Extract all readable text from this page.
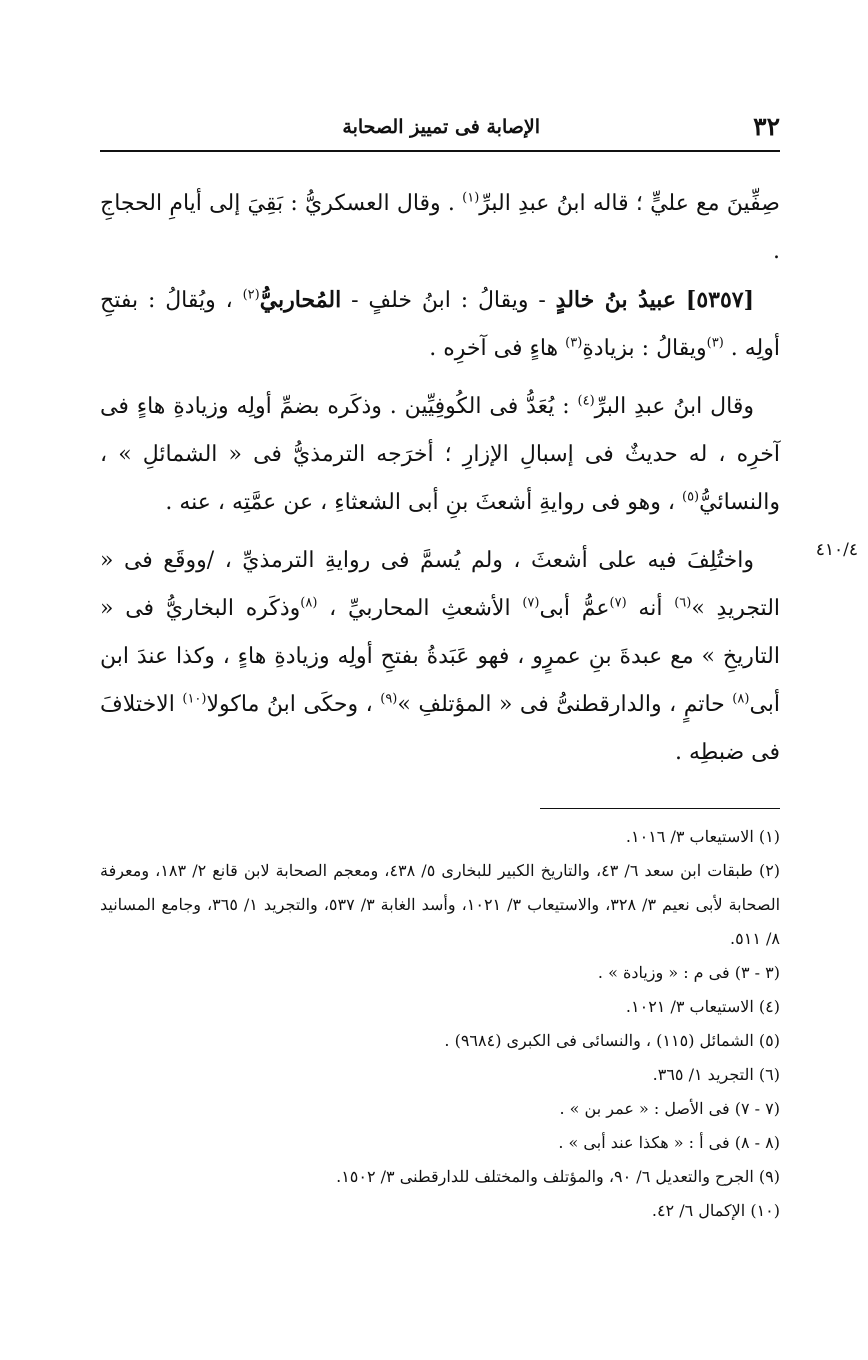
٣٢
الإصابة فى تمييز الصحابة
٤١٠/٤

صِفِّينَ مع عليٍّ ؛ قاله ابنُ عبدِ البرِّ$^{(١)}$ . وقال العسكريُّ : بَقِيَ إلى أيامِ الحجاجِ .

[٥٣٥٧] عبيدُ بنُ خالدٍ - ويقالُ : ابنُ خلفٍ - المُحاربيُّ$^{(٢)}$ ، ويُقالُ : بفتحِ أولِه . $^{(٣)}$ويقالُ : بزيادةِ$^{(٣)}$ هاءٍ فى آخرِه .

وقال ابنُ عبدِ البرِّ$^{(٤)}$ : يُعَدُّ فى الكُوفِيِّين . وذكَره بضمِّ أولِه وزيادةِ هاءٍ فى آخرِه ، له حديثٌ فى إسبالِ الإزارِ ؛ أخرَجه الترمذيُّ فى « الشمائلِ » ، والنسائيُّ$^{(٥)}$ ، وهو فى روايةِ أشعثَ بنِ أبى الشعثاءِ ، عن عمَّتِه ، عنه .

واختُلِفَ فيه على أشعثَ ، ولم يُسمَّ فى روايةِ الترمذيِّ ، /ووقَع فى « التجريدِ »$^{(٦)}$ أنه $^{(٧)}$عمُّ أبى$^{(٧)}$ الأشعثِ المحاربيِّ ، $^{(٨)}$وذكَره البخاريُّ فى « التاريخِ » مع عبدةَ بنِ عمرٍو ، فهو عَبَدةُ بفتحِ أولِه وزيادةِ هاءٍ ، وكذا عندَ ابن أبى$^{(٨)}$ حاتمٍ ، والدارقطنىُّ فى « المؤتلفِ »$^{(٩)}$ ، وحكَى ابنُ ماكولا$^{(١٠)}$ الاختلافَ فى ضبطِه .

(١) الاستيعاب ٣/ ١٠١٦.

(٢) طبقات ابن سعد ٦/ ٤٣، والتاريخ الكبير للبخارى ٥/ ٤٣٨، ومعجم الصحابة لابن قانع ٢/ ١٨٣، ومعرفة الصحابة لأبى نعيم ٣/ ٣٢٨، والاستيعاب ٣/ ١٠٢١، وأسد الغابة ٣/ ٥٣٧، والتجريد ١/ ٣٦٥، وجامع المسانيد ٨/ ٥١١.

(٣ - ٣) فى م : « وزيادة » .

(٤) الاستيعاب ٣/ ١٠٢١.

(٥) الشمائل (١١٥) ، والنسائى فى الكبرى (٩٦٨٤) .

(٦) التجريد ١/ ٣٦٥.

(٧ - ٧) فى الأصل : « عمر بن » .

(٨ - ٨) فى أ : « هكذا عند أبى » .

(٩) الجرح والتعديل ٦/ ٩٠، والمؤتلف والمختلف للدارقطنى ٣/ ١٥٠٢.

(١٠) الإكمال ٦/ ٤٢.
